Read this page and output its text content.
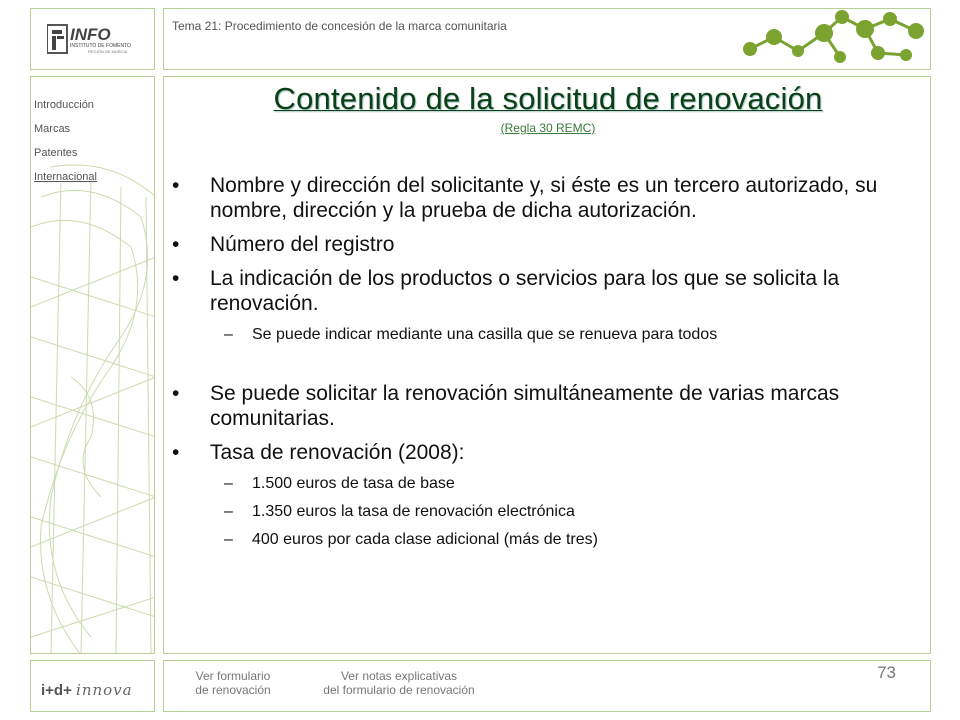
INFO
INSTITUTO DE FOMENTO
REGIÓN DE MURCIA
Tema 21: Procedimiento de concesión de la marca comunitaria
Introducción
Marcas
Patentes
Internacional
Contenido de la solicitud de renovación
(Regla 30 REMC)
• Nombre y dirección del solicitante y, si éste es un tercero autorizado, su nombre, dirección y la prueba de dicha autorización.
• Número del registro
• La indicación de los productos o servicios para los que se solicita la renovación.
– Se puede indicar mediante una casilla que se renueva para todos
• Se puede solicitar la renovación simultáneamente de varias marcas comunitarias.
• Tasa de renovación (2008):
– 1.500 euros de tasa de base
– 1.350 euros la tasa de renovación electrónica
– 400 euros por cada clase adicional (más de tres)
i+d+ innova
Ver formulario
de renovación
Ver notas explicativas
del formulario de renovación
73
